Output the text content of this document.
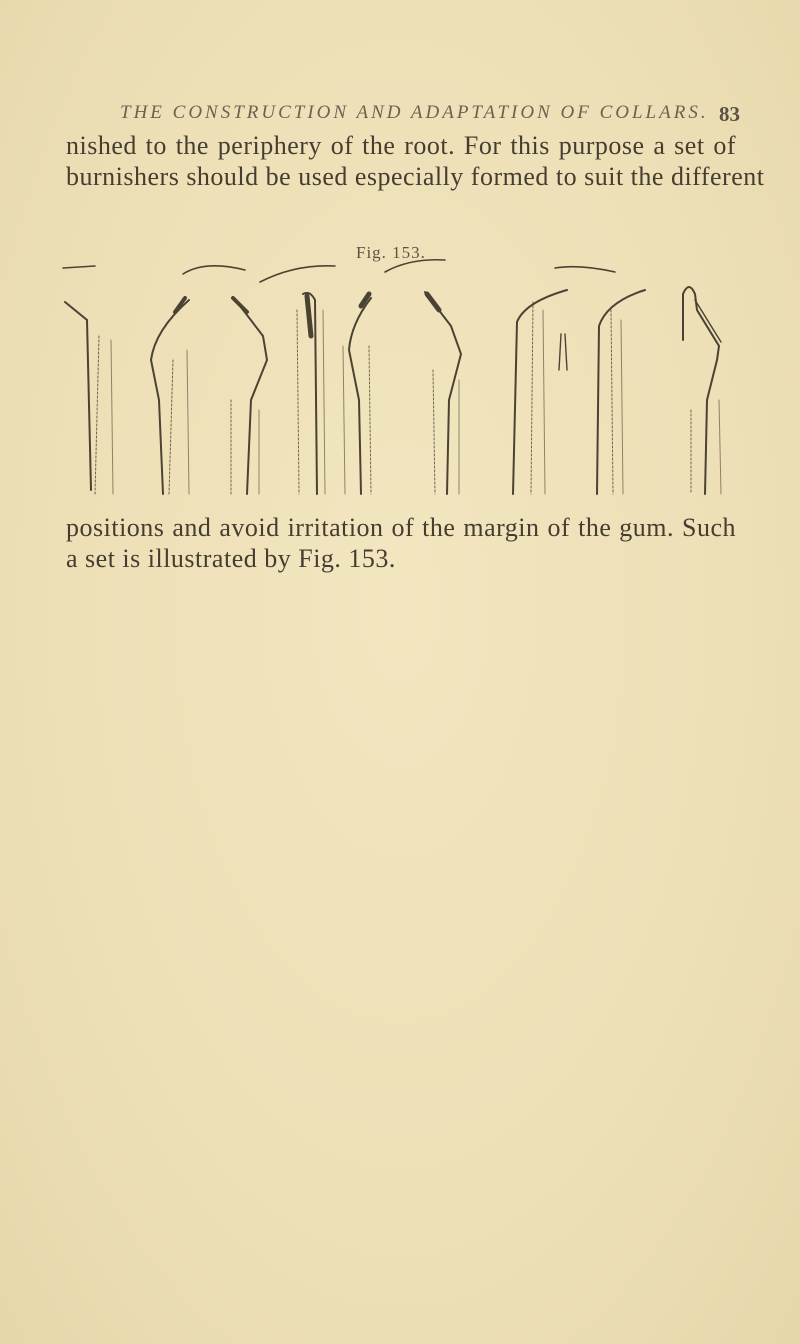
THE CONSTRUCTION AND ADAPTATION OF COLLARS. 83
nished to the periphery of the root. For this purpose a set of
burnishers should be used especially formed to suit the different
Fig. 153.
positions and avoid irritation of the margin of the gum. Such
a set is illustrated by Fig. 153.
